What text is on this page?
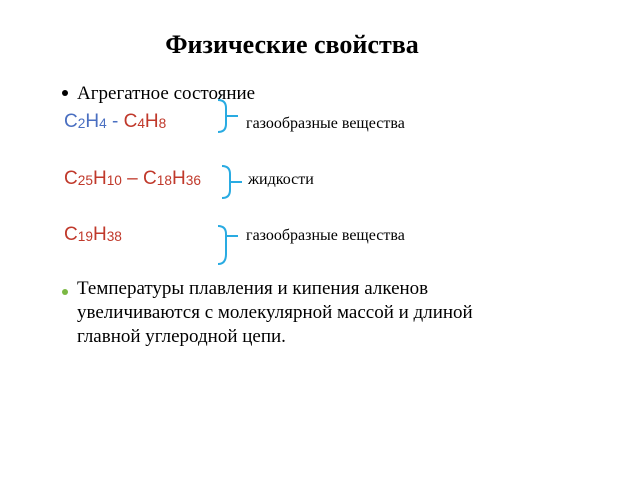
Физические свойства
Агрегатное состояние
$C_2H_4 - C_4H_8$	газообразные вещества
$C_{25}H_{10} - C_{18}H_{36}$	жидкости
$C_{19}H_{38}$	газообразные вещества
Температуры плавления и кипения алкенов увеличиваются с молекулярной массой и длиной главной углеродной цепи.
